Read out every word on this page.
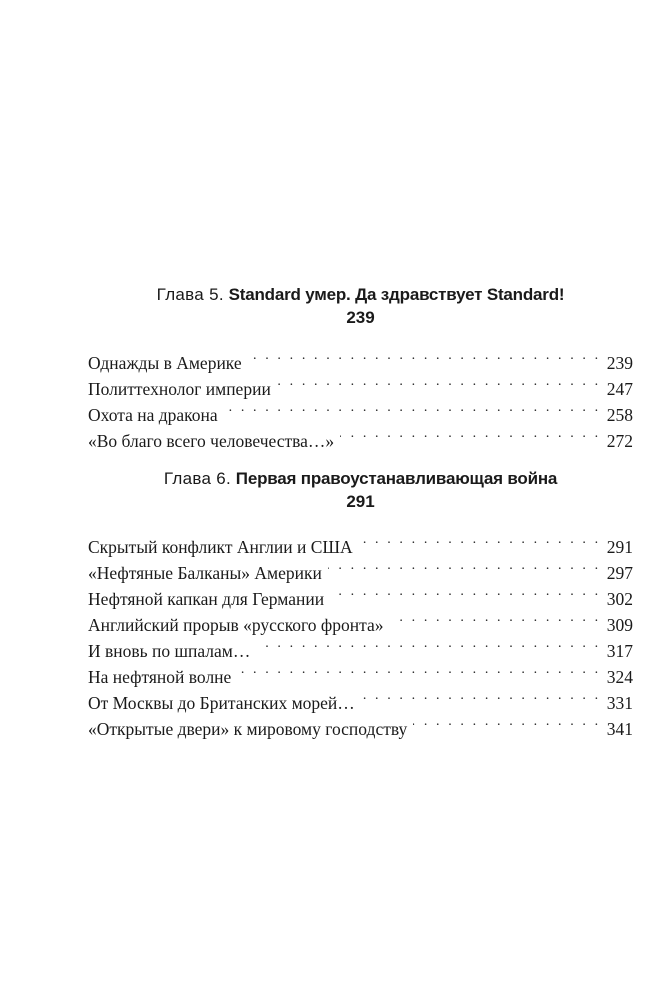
Глава 5. Standard умер. Да здравствует Standard!
239
Однажды в Америке . . .	239
Политтехнолог империи . . .	247
Охота на дракона . . .	258
«Во благо всего человечества…» . . .	272
Глава 6. Первая правоустанавливающая война
291
Скрытый конфликт Англии и США . . .	291
«Нефтяные Балканы» Америки . . .	297
Нефтяной капкан для Германии . . .	302
Английский прорыв «русского фронта» . . .	309
И вновь по шпалам… . . .	317
На нефтяной волне . . .	324
От Москвы до Британских морей… . . .	331
«Открытые двери» к мировому господству . . .	341
